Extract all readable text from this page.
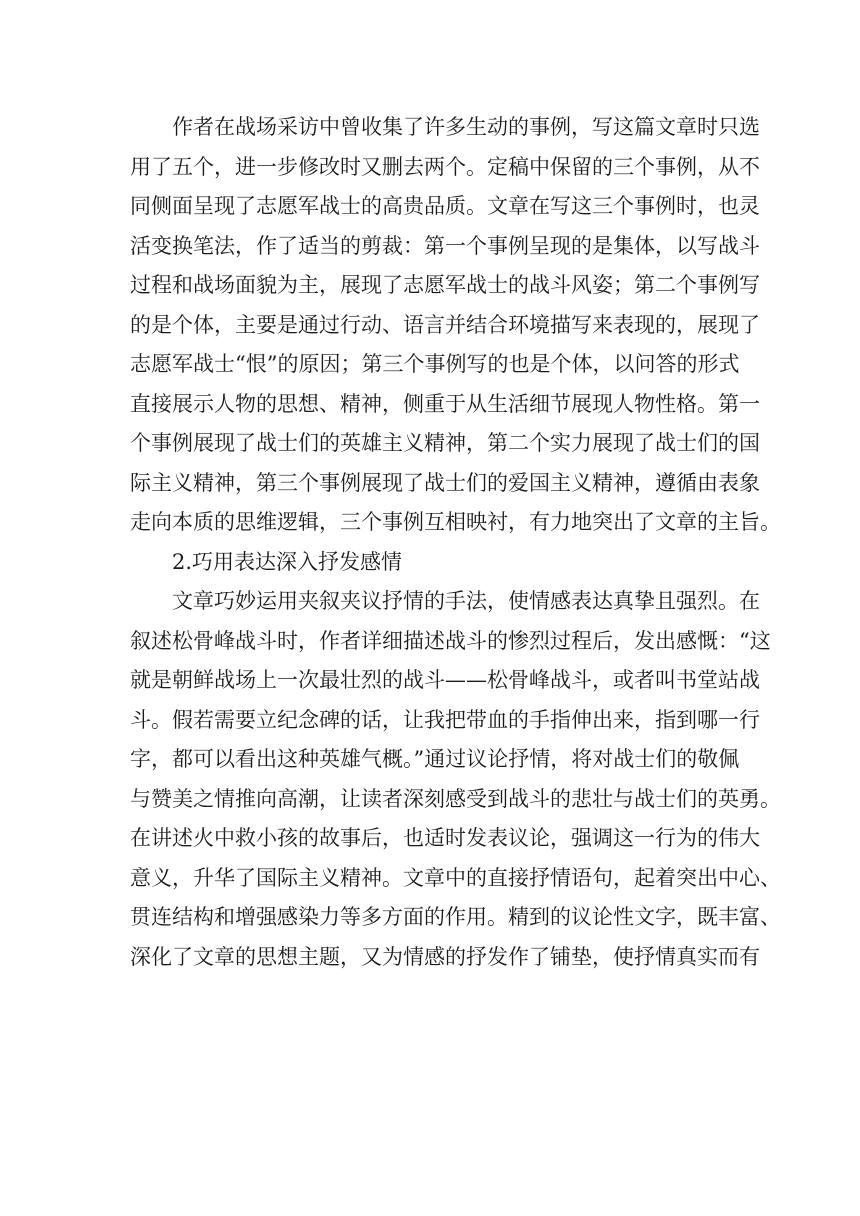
作者在战场采访中曾收集了许多生动的事例，写这篇文章时只选
用了五个，进一步修改时又删去两个。定稿中保留的三个事例，从不
同侧面呈现了志愿军战士的高贵品质。文章在写这三个事例时，也灵
活变换笔法，作了适当的剪裁：第一个事例呈现的是集体，以写战斗
过程和战场面貌为主，展现了志愿军战士的战斗风姿；第二个事例写
的是个体，主要是通过行动、语言并结合环境描写来表现的，展现了
志愿军战士“恨”的原因；第三个事例写的也是个体，以问答的形式
直接展示人物的思想、精神，侧重于从生活细节展现人物性格。第一
个事例展现了战士们的英雄主义精神，第二个实力展现了战士们的国
际主义精神，第三个事例展现了战士们的爱国主义精神，遵循由表象
走向本质的思维逻辑，三个事例互相映衬，有力地突出了文章的主旨。
2.巧用表达深入抒发感情
文章巧妙运用夹叙夹议抒情的手法，使情感表达真挚且强烈。在
叙述松骨峰战斗时，作者详细描述战斗的惨烈过程后，发出感慨：“这
就是朝鲜战场上一次最壮烈的战斗——松骨峰战斗，或者叫书堂站战
斗。假若需要立纪念碑的话，让我把带血的手指伸出来，指到哪一行
字，都可以看出这种英雄气概。”通过议论抒情，将对战士们的敬佩
与赞美之情推向高潮，让读者深刻感受到战斗的悲壮与战士们的英勇。
在讲述火中救小孩的故事后，也适时发表议论，强调这一行为的伟大
意义，升华了国际主义精神。文章中的直接抒情语句，起着突出中心、
贯连结构和增强感染力等多方面的作用。精到的议论性文字，既丰富、
深化了文章的思想主题，又为情感的抒发作了铺垫，使抒情真实而有
